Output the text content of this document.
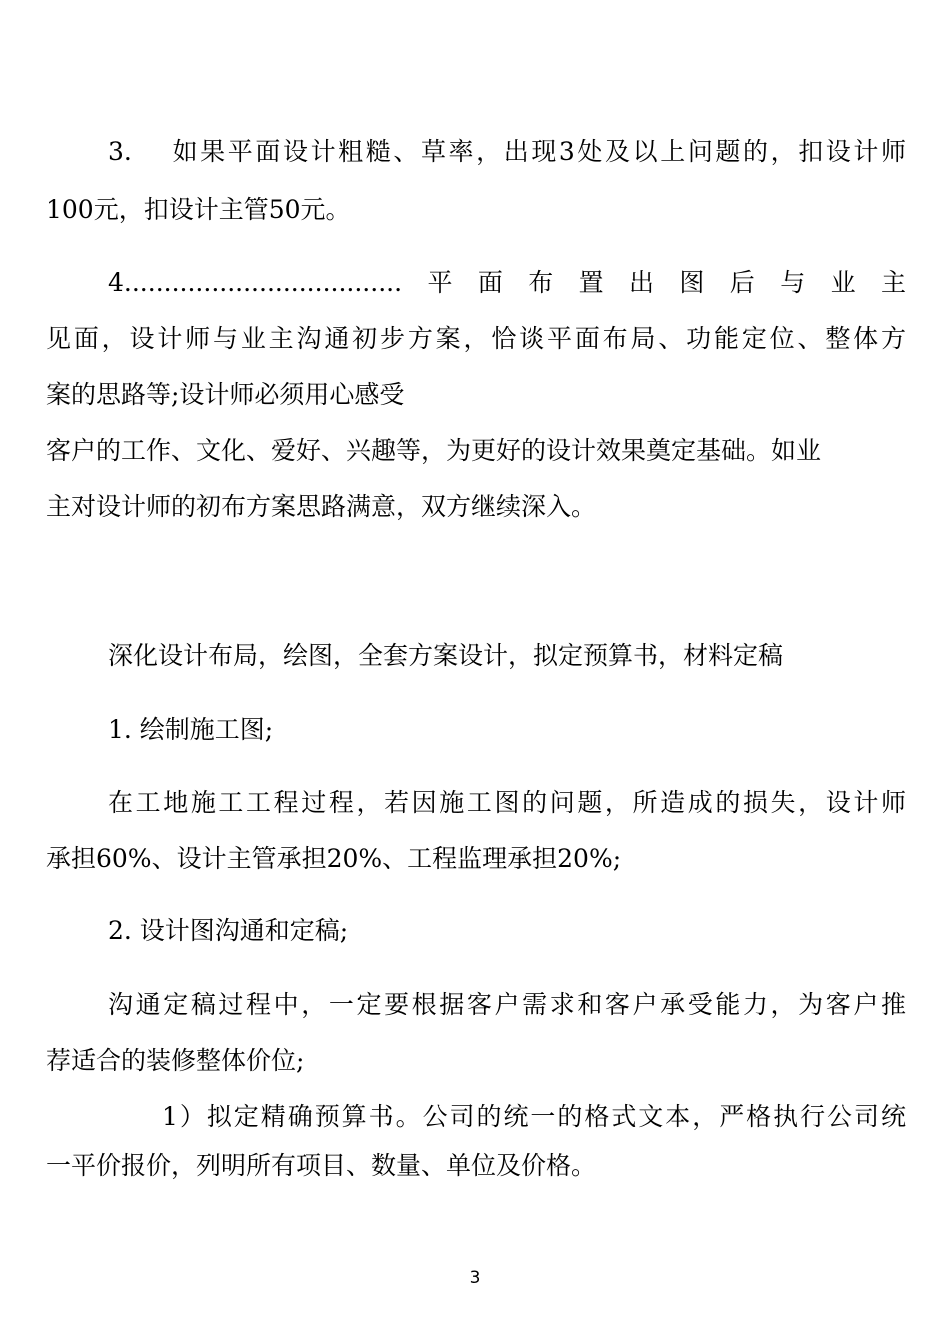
3.　 如果平面设计粗糙、草率，出现3处及以上问题的，扣设计师
100元，扣设计主管50元。
4...................................平面布置出图后与业主
见面，设计师与业主沟通初步方案，恰谈平面布局、功能定位、整体方
案的思路等;设计师必须用心感受
客户的工作、文化、爱好、兴趣等，为更好的设计效果奠定基础。如业
主对设计师的初布方案思路满意，双方继续深入。
深化设计布局，绘图，全套方案设计，拟定预算书，材料定稿
1. 绘制施工图;
在工地施工工程过程，若因施工图的问题，所造成的损失，设计师
承担60%、设计主管承担20%、工程监理承担20%;
2. 设计图沟通和定稿;
沟通定稿过程中，一定要根据客户需求和客户承受能力，为客户推
荐适合的装修整体价位;
1）拟定精确预算书。公司的统一的格式文本，严格执行公司统
一平价报价，列明所有项目、数量、单位及价格。
3
